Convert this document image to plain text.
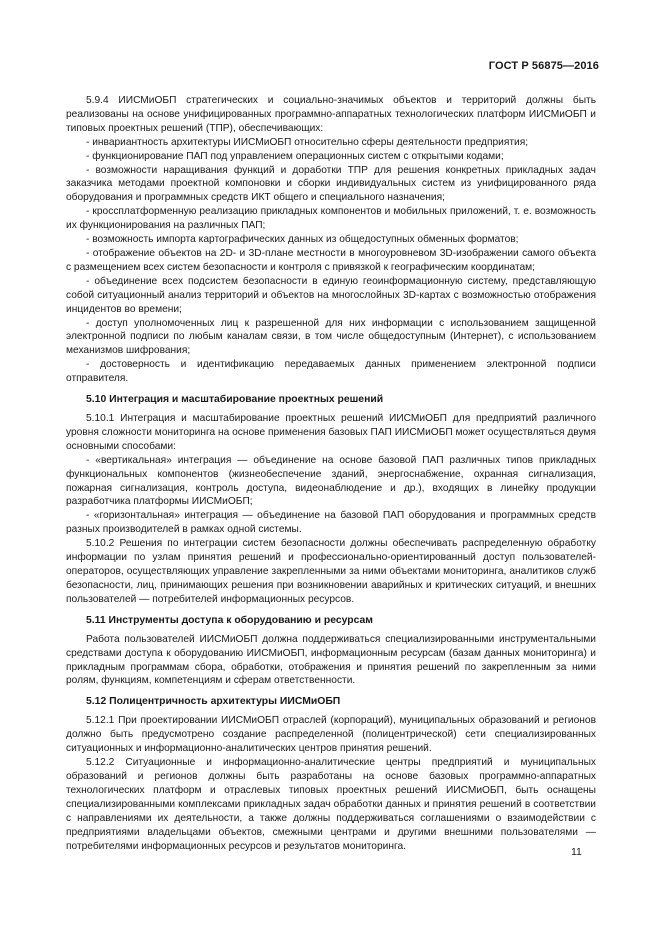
ГОСТ Р 56875—2016

5.9.4 ИИСМиОБП стратегических и социально-значимых объектов и территорий должны быть реализованы на основе унифицированных программно-аппаратных технологических платформ ИИСМиОБП и типовых проектных решений (ТПР), обеспечивающих:

- инвариантность архитектуры ИИСМиОБП относительно сферы деятельности предприятия;

- функционирование ПАП под управлением операционных систем с открытыми кодами;

- возможности наращивания функций и доработки ТПР для решения конкретных прикладных задач заказчика методами проектной компоновки и сборки индивидуальных систем из унифицированного ряда оборудования и программных средств ИКТ общего и специального назначения;

- кроссплатформенную реализацию прикладных компонентов и мобильных приложений, т. е. возможность их функционирования на различных ПАП;

- возможность импорта картографических данных из общедоступных обменных форматов;

- отображение объектов на 2D- и 3D-плане местности в многоуровневом 3D-изображении самого объекта с размещением всех систем безопасности и контроля с привязкой к географическим координатам;

- объединение всех подсистем безопасности в единую геоинформационную систему, представляющую собой ситуационный анализ территорий и объектов на многослойных 3D-картах с возможностью отображения инцидентов во времени;

- доступ уполномоченных лиц к разрешенной для них информации с использованием защищенной электронной подписи по любым каналам связи, в том числе общедоступным (Интернет), с использованием механизмов шифрования;

- достоверность и идентификацию передаваемых данных применением электронной подписи отправителя.

5.10 Интеграция и масштабирование проектных решений

5.10.1 Интеграция и масштабирование проектных решений ИИСМиОБП для предприятий различного уровня сложности мониторинга на основе применения базовых ПАП ИИСМиОБП может осуществляться двумя основными способами:

- «вертикальная» интеграция — объединение на основе базовой ПАП различных типов прикладных функциональных компонентов (жизнеобеспечение зданий, энергоснабжение, охранная сигнализация, пожарная сигнализация, контроль доступа, видеонаблюдение и др.), входящих в линейку продукции разработчика платформы ИИСМиОБП;

- «горизонтальная» интеграция — объединение на базовой ПАП оборудования и программных средств разных производителей в рамках одной системы.

5.10.2 Решения по интеграции систем безопасности должны обеспечивать распределенную обработку информации по узлам принятия решений и профессионально-ориентированный доступ пользователей-операторов, осуществляющих управление закрепленными за ними объектами мониторинга, аналитиков служб безопасности, лиц, принимающих решения при возникновении аварийных и критических ситуаций, и внешних пользователей — потребителей информационных ресурсов.

5.11 Инструменты доступа к оборудованию и ресурсам

Работа пользователей ИИСМиОБП должна поддерживаться специализированными инструментальными средствами доступа к оборудованию ИИСМиОБП, информационным ресурсам (базам данных мониторинга) и прикладным программам сбора, обработки, отображения и принятия решений по закрепленным за ними ролям, функциям, компетенциям и сферам ответственности.

5.12 Полицентричность архитектуры ИИСМиОБП

5.12.1 При проектировании ИИСМиОБП отраслей (корпораций), муниципальных образований и регионов должно быть предусмотрено создание распределенной (полицентрической) сети специализированных ситуационных и информационно-аналитических центров принятия решений.

5.12.2 Ситуационные и информационно-аналитические центры предприятий и муниципальных образований и регионов должны быть разработаны на основе базовых программно-аппаратных технологических платформ и отраслевых типовых проектных решений ИИСМиОБП, быть оснащены специализированными комплексами прикладных задач обработки данных и принятия решений в соответствии с направлениями их деятельности, а также должны поддерживаться соглашениями о взаимодействии с предприятиями владельцами объектов, смежными центрами и другими внешними пользователями — потребителями информационных ресурсов и результатов мониторинга.	11
